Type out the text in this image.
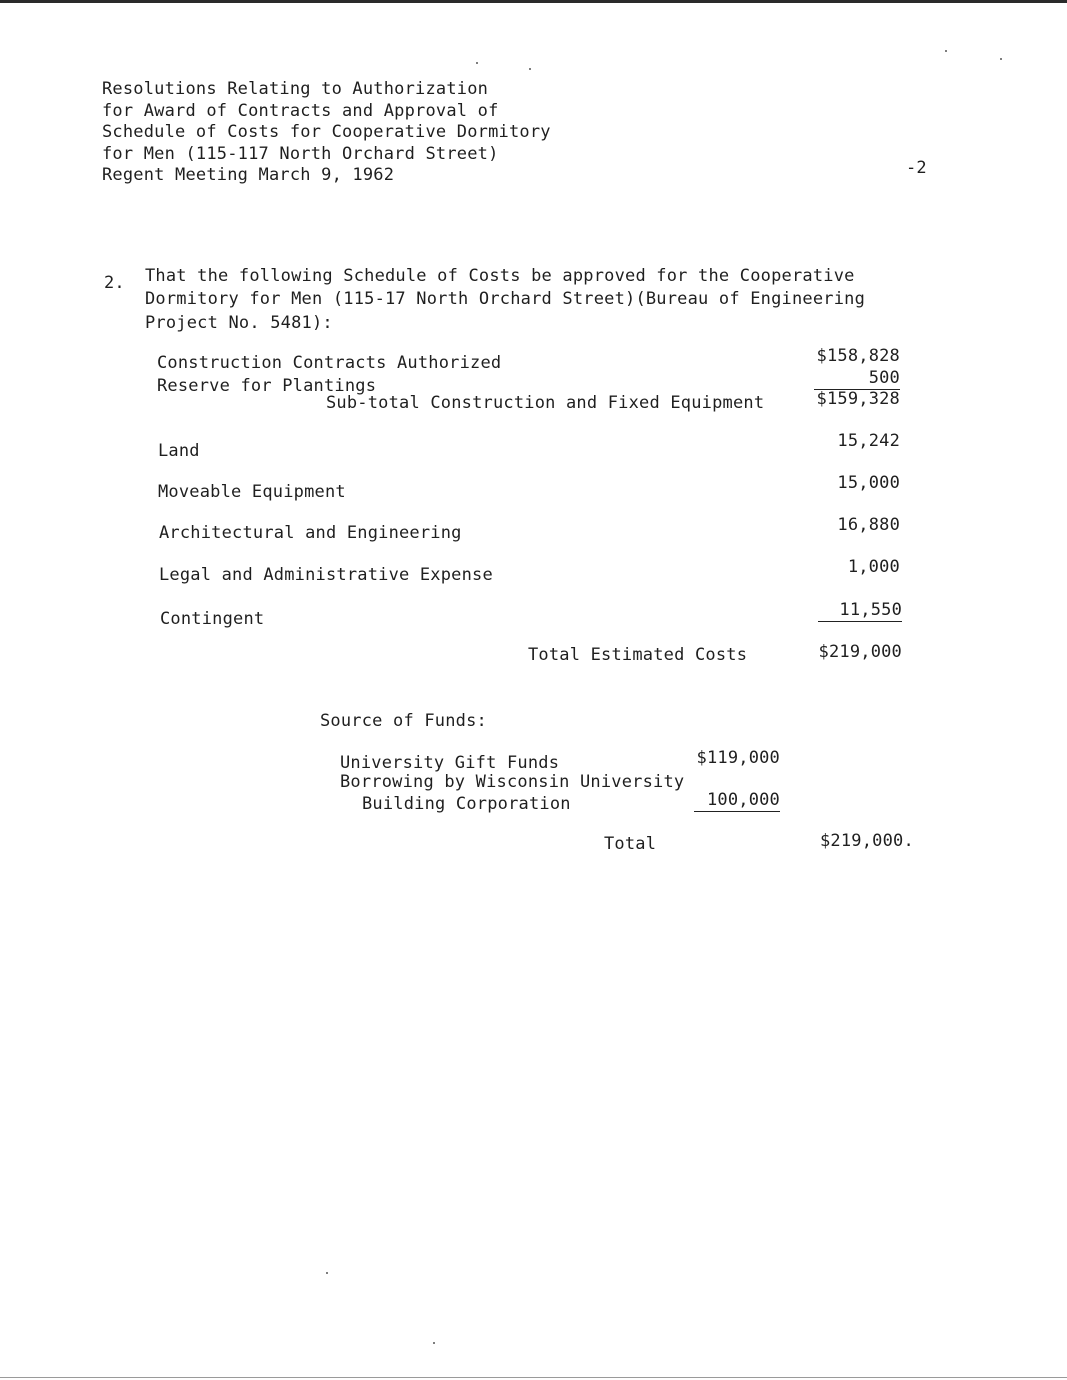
Resolutions Relating to Authorization
for Award of Contracts and Approval of
Schedule of Costs for Cooperative Dormitory
for Men (115-117 North Orchard Street)
Regent Meeting March 9, 1962	-2
2. That the following Schedule of Costs be approved for the Cooperative
Dormitory for Men (115-17 North Orchard Street)(Bureau of Engineering
Project No. 5481):
Construction Contracts Authorized	$158,828
Reserve for Plantings	500
Sub-total Construction and Fixed Equipment	$159,328
Land	15,242
Moveable Equipment	15,000
Architectural and Engineering	16,880
Legal and Administrative Expense	1,000
Contingent	11,550
Total Estimated Costs	$219,000
Source of Funds:
University Gift Funds	$119,000
Borrowing by Wisconsin University
Building Corporation	100,000
Total	$219,000.
